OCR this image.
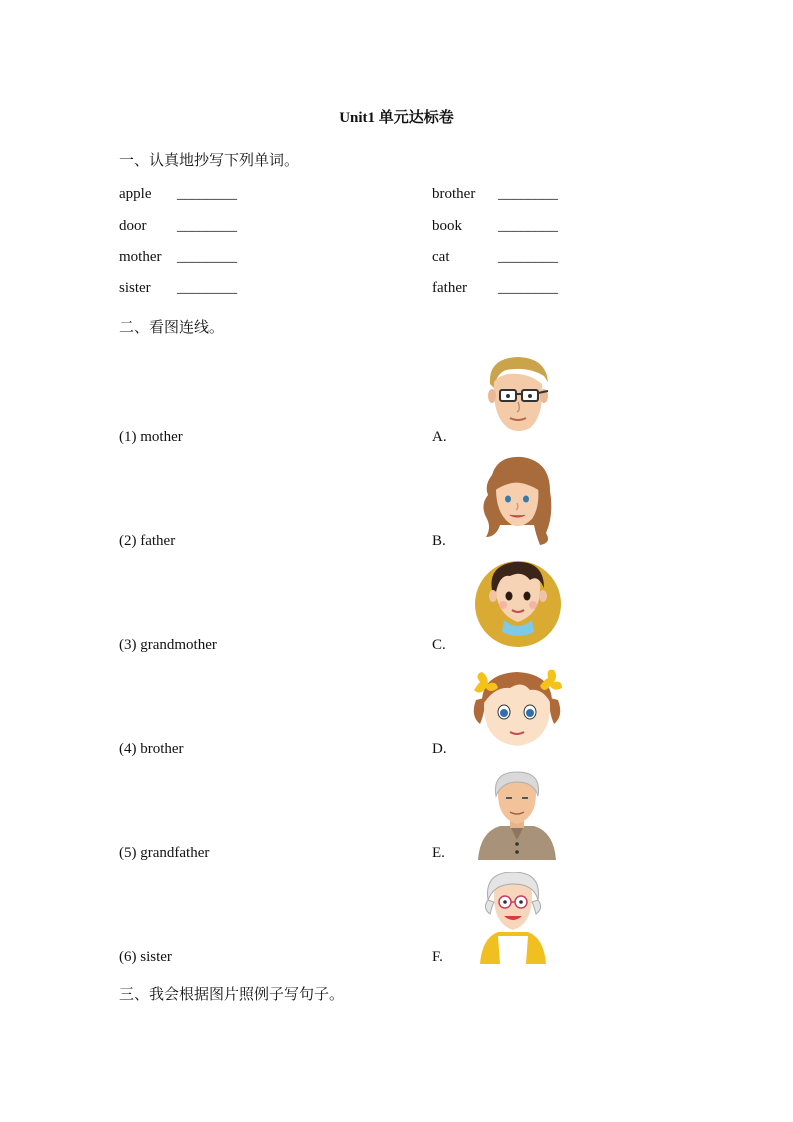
Unit1 单元达标卷
一、认真地抄写下列单词。
apple ________	brother ________
door ________	book ________
mother ________	cat	________
sister ________	father ________
二、看图连线。
(1) mother	A.
(2) father	B.
(3) grandmother	C.
(4) brother	D.
(5) grandfather	E.
(6) sister	F.
三、我会根据图片照例子写句子。
